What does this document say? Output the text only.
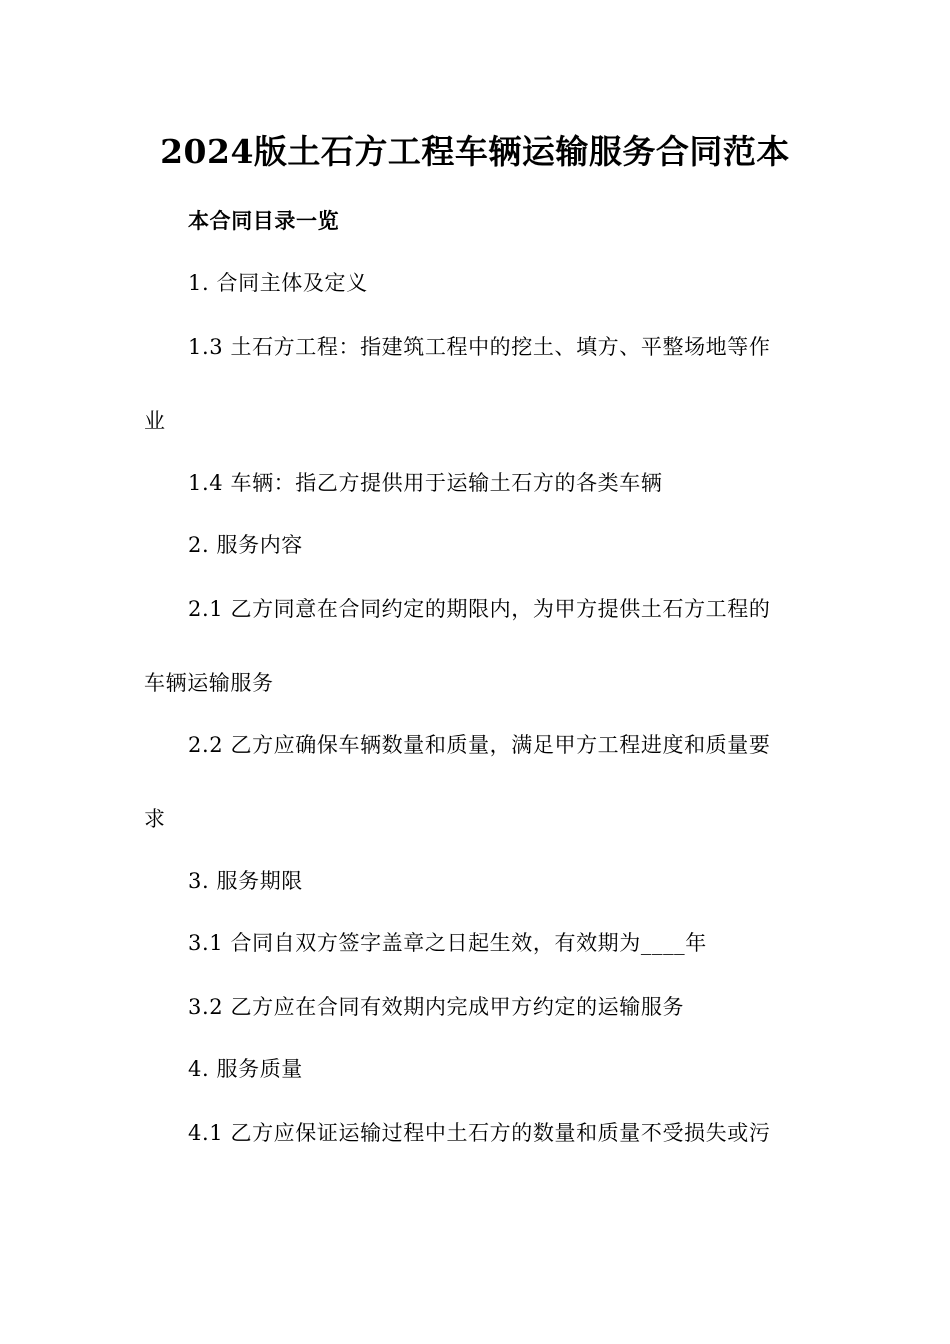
2024版土石方工程车辆运输服务合同范本
本合同目录一览
1. 合同主体及定义
1.3 土石方工程：指建筑工程中的挖土、填方、平整场地等作
业
1.4 车辆：指乙方提供用于运输土石方的各类车辆
2. 服务内容
2.1 乙方同意在合同约定的期限内，为甲方提供土石方工程的
车辆运输服务
2.2 乙方应确保车辆数量和质量，满足甲方工程进度和质量要
求
3. 服务期限
3.1 合同自双方签字盖章之日起生效，有效期为____年
3.2 乙方应在合同有效期内完成甲方约定的运输服务
4. 服务质量
4.1 乙方应保证运输过程中土石方的数量和质量不受损失或污
